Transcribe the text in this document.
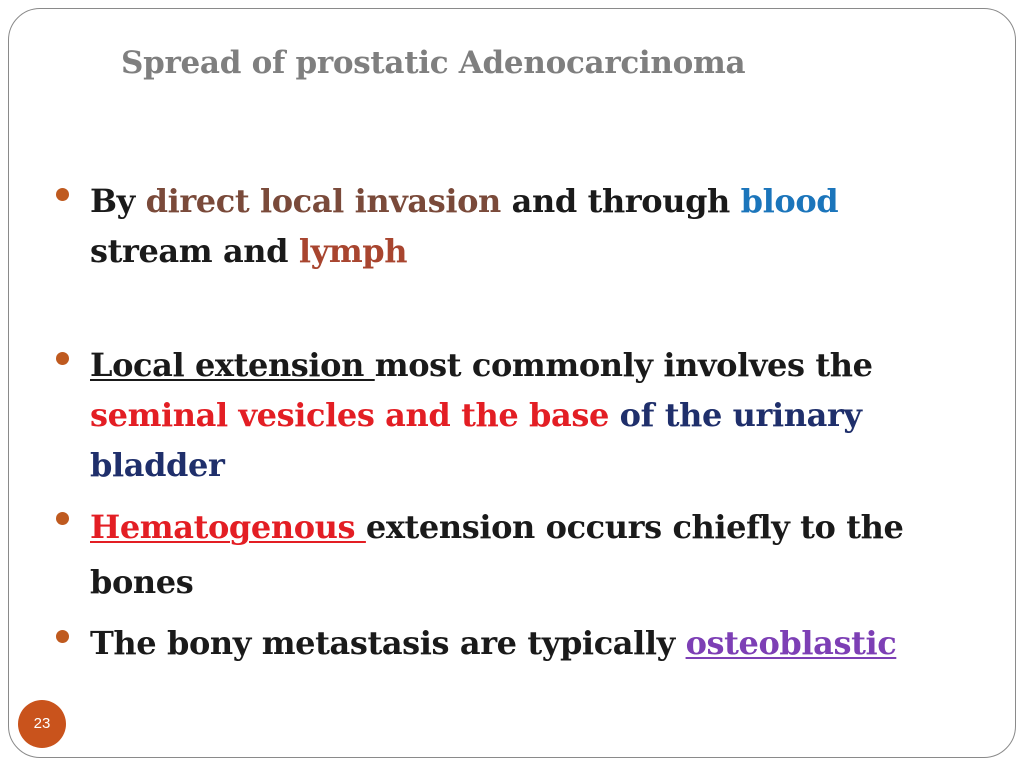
Spread of prostatic Adenocarcinoma
By direct local invasion and through blood
stream and lymph
Local extension most commonly involves the
seminal vesicles and the base of the urinary bladder
Hematogenous extension occurs chiefly to the bones
The bony metastasis are typically osteoblastic
23
